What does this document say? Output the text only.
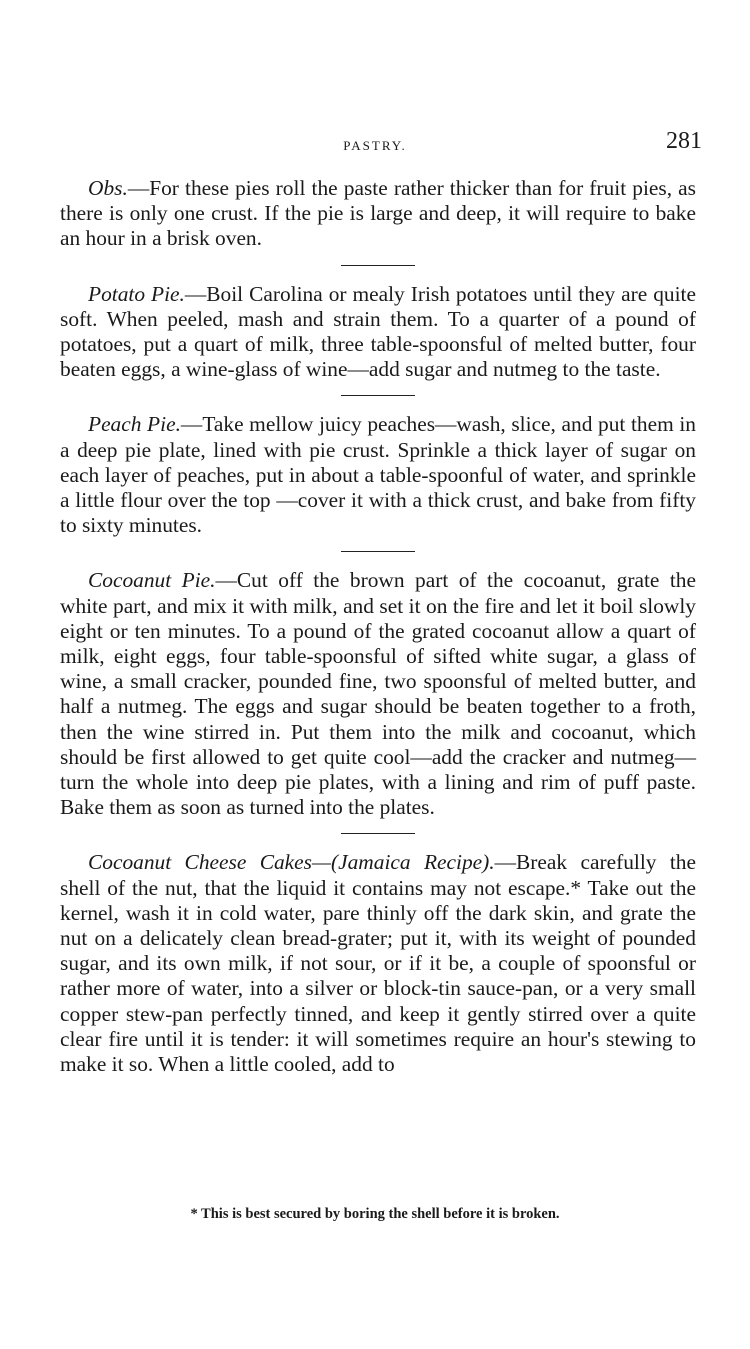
PASTRY.	281

Obs.—For these pies roll the paste rather thicker than for fruit pies, as there is only one crust. If the pie is large and deep, it will require to bake an hour in a brisk oven.

Potato Pie.—Boil Carolina or mealy Irish potatoes until they are quite soft. When peeled, mash and strain them. To a quarter of a pound of potatoes, put a quart of milk, three table-spoonsful of melted butter, four beaten eggs, a wine-glass of wine—add sugar and nutmeg to the taste.

Peach Pie.—Take mellow juicy peaches—wash, slice, and put them in a deep pie plate, lined with pie crust. Sprinkle a thick layer of sugar on each layer of peaches, put in about a table-spoonful of water, and sprinkle a little flour over the top —cover it with a thick crust, and bake from fifty to sixty minutes.

Cocoanut Pie.—Cut off the brown part of the cocoanut, grate the white part, and mix it with milk, and set it on the fire and let it boil slowly eight or ten minutes. To a pound of the grated cocoanut allow a quart of milk, eight eggs, four table-spoonsful of sifted white sugar, a glass of wine, a small cracker, pounded fine, two spoonsful of melted butter, and half a nutmeg. The eggs and sugar should be beaten together to a froth, then the wine stirred in. Put them into the milk and cocoanut, which should be first allowed to get quite cool—add the cracker and nutmeg—turn the whole into deep pie plates, with a lining and rim of puff paste. Bake them as soon as turned into the plates.

Cocoanut Cheese Cakes—(Jamaica Recipe).—Break carefully the shell of the nut, that the liquid it contains may not escape.* Take out the kernel, wash it in cold water, pare thinly off the dark skin, and grate the nut on a delicately clean bread-grater; put it, with its weight of pounded sugar, and its own milk, if not sour, or if it be, a couple of spoonsful or rather more of water, into a silver or block-tin sauce-pan, or a very small copper stew-pan perfectly tinned, and keep it gently stirred over a quite clear fire until it is tender: it will sometimes require an hour's stewing to make it so. When a little cooled, add to

* This is best secured by boring the shell before it is broken.
